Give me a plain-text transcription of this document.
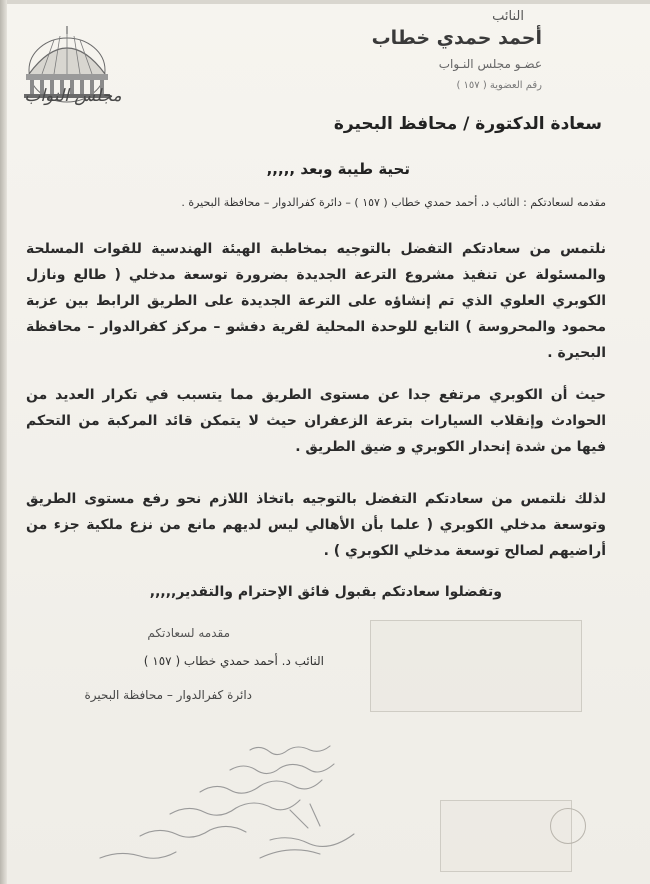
مجلس النواب
النائب
أحمد حمدي خطاب
عضـو مجلس النـواب
رقم العضوية ( ١٥٧ )
سعادة الدكتورة / محافظ البحيرة
تحية طيبة وبعد ,,,,,
مقدمه لسعادتكم : النائب د. أحمد حمدي خطاب ( ١٥٧ ) – دائرة كفرالدوار – محافظة البحيرة .
نلتمس من سعادتكم التفضل بالتوجيه بمخاطبة الهيئة الهندسية للقوات المسلحة والمسئولة عن تنفيذ مشروع الترعة الجديدة بضرورة توسعة مدخلي ( طالع ونازل الكوبري العلوي الذي تم إنشاؤه على الترعة الجديدة على الطريق الرابط بين عزبة محمود والمحروسة ) التابع للوحدة المحلية لقرية دفشو – مركز كفرالدوار – محافظة البحيرة .
حيث أن الكوبري مرتفع جدا عن مستوى الطريق مما يتسبب في تكرار العديد من الحوادث وإنقلاب السيارات بترعة الزعفران حيث لا يتمكن قائد المركبة من التحكم فيها من شدة إنحدار الكوبري و ضيق الطريق .
لذلك نلتمس من سعادتكم التفضل بالتوجيه باتخاذ اللازم نحو رفع مستوى الطريق وتوسعة مدخلي الكوبري ( علما بأن الأهالي ليس لديهم مانع من نزع ملكية جزء من أراضيهم لصالح توسعة مدخلي الكوبري ) .
وتفضلوا سعادتكم بقبول فائق الإحترام والتقدير,,,,,
مقدمه لسعادتكم
النائب د. أحمد حمدي خطاب ( ١٥٧ )
دائرة كفرالدوار – محافظة البحيرة
